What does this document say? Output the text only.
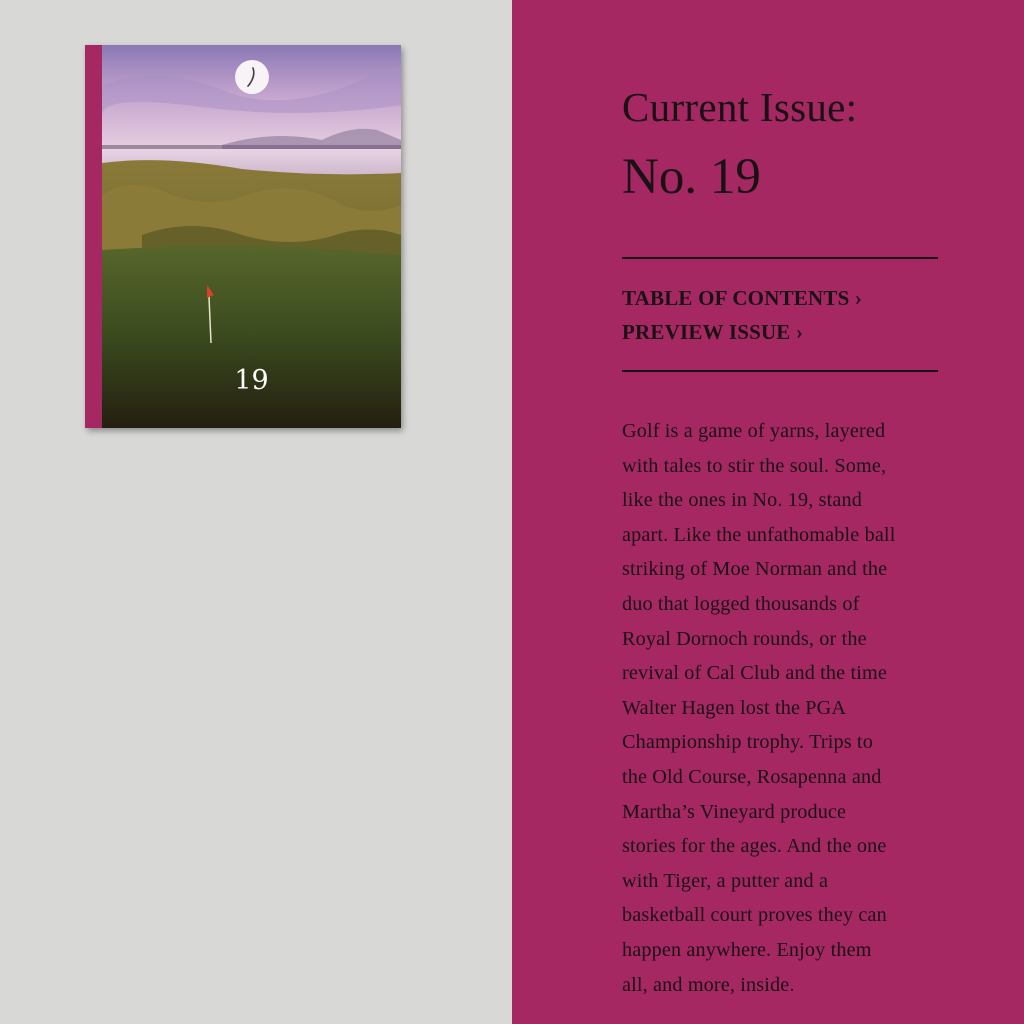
19
Current Issue:
No. 19
TABLE OF CONTENTS ›
PREVIEW ISSUE ›

Golf is a game of yarns, layered
with tales to stir the soul. Some,
like the ones in No. 19, stand
apart. Like the unfathomable ball
striking of Moe Norman and the
duo that logged thousands of
Royal Dornoch rounds, or the
revival of Cal Club and the time
Walter Hagen lost the PGA
Championship trophy. Trips to
the Old Course, Rosapenna and
Martha’s Vineyard produce
stories for the ages. And the one
with Tiger, a putter and a
basketball court proves they can
happen anywhere. Enjoy them
all, and more, inside.
